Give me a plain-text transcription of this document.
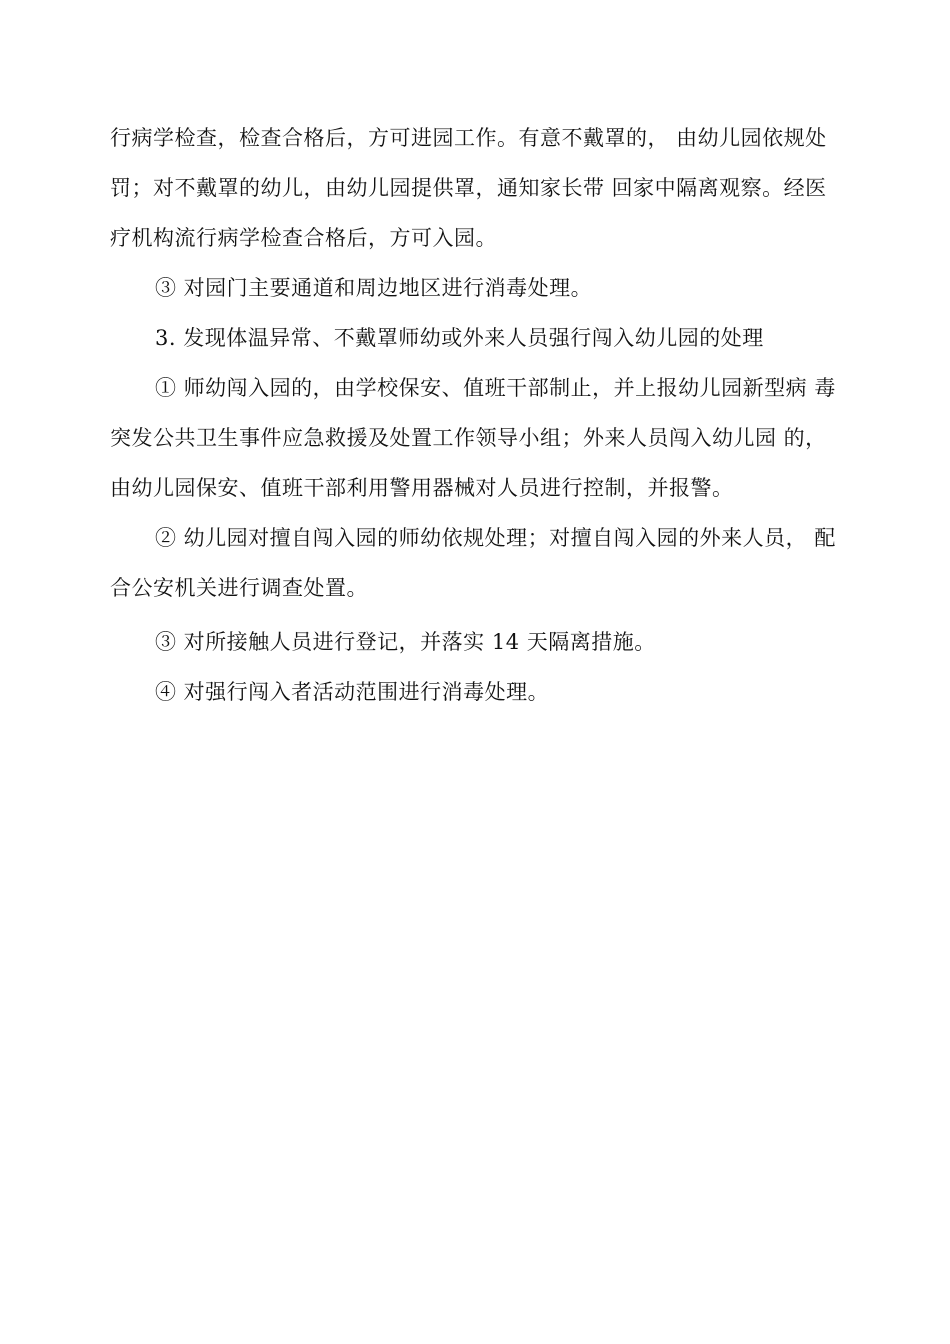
行病学检查，检查合格后，方可进园工作。有意不戴罩的， 由幼儿园依规处
罚；对不戴罩的幼儿，由幼儿园提供罩，通知家长带 回家中隔离观察。经医
疗机构流行病学检查合格后，方可入园。
③ 对园门主要通道和周边地区进行消毒处理。
3. 发现体温异常、不戴罩师幼或外来人员强行闯入幼儿园的处理
① 师幼闯入园的，由学校保安、值班干部制止，并上报幼儿园新型病 毒
突发公共卫生事件应急救援及处置工作领导小组；外来人员闯入幼儿园 的，
由幼儿园保安、值班干部利用警用器械对人员进行控制，并报警。
② 幼儿园对擅自闯入园的师幼依规处理；对擅自闯入园的外来人员， 配
合公安机关进行调查处置。
③ 对所接触人员进行登记，并落实 14 天隔离措施。
④ 对强行闯入者活动范围进行消毒处理。
